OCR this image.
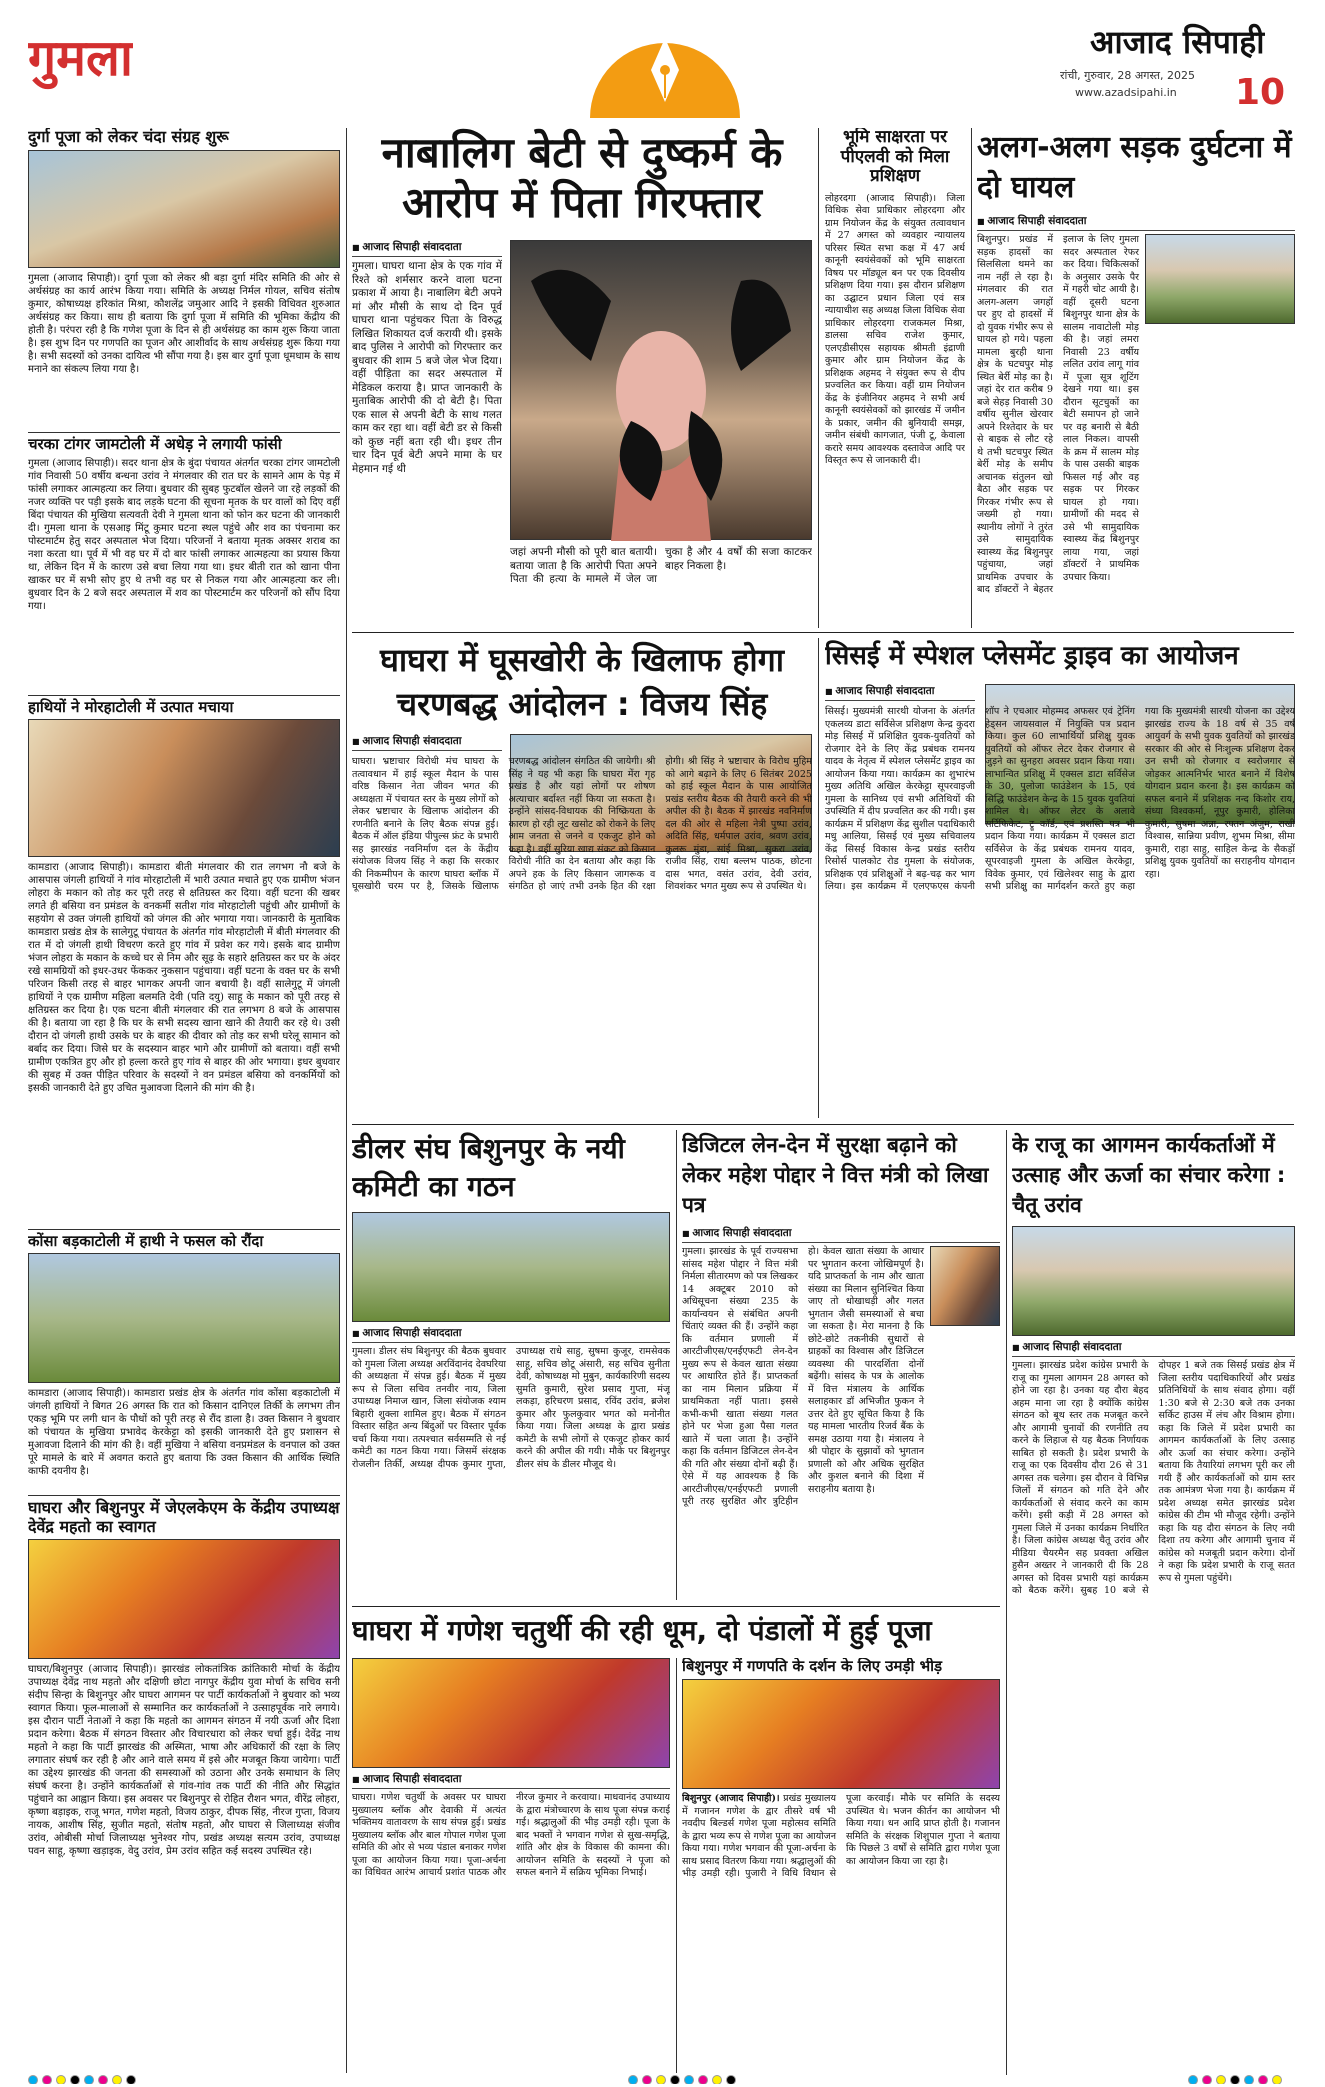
गुमला	आजाद सिपाही
रांची, गुरुवार, 28 अगस्त, 2025
www.azadsipahi.in 10
दुर्गा पूजा को लेकर चंदा संग्रह शुरू
गुमला (आजाद सिपाही)। दुर्गा पूजा को लेकर श्री बड़ा दुर्गा मंदिर समिति की ओर से अर्थसंग्रह का कार्य आरंभ किया गया। समिति के अध्यक्ष निर्मल गोयल, सचिव संतोष कुमार, कोषाध्यक्ष हरिकांत मिश्रा, कौशलेंद्र जमुआर आदि ने इसकी विधिवत शुरुआत अर्थसंग्रह कर किया। साथ ही बताया कि दुर्गा पूजा में समिति की भूमिका केंद्रीय की होती है। परंपरा रही है कि गणेश पूजा के दिन से ही अर्थसंग्रह का काम शुरू किया जाता है। इस शुभ दिन पर गणपति का पूजन और आशीर्वाद के साथ अर्थसंग्रह शुरू किया गया है। सभी सदस्यों को उनका दायित्व भी सौंपा गया है। इस बार दुर्गा पूजा धूमधाम के साथ मनाने का संकल्प लिया गया है।
चरका टांगर जामटोली में अधेड़ ने लगायी फांसी
गुमला (आजाद सिपाही)। सदर थाना क्षेत्र के बुंदा पंचायत अंतर्गत चरका टांगर जामटोली गांव निवासी 50 वर्षीय बन्धना उरांव ने मंगलवार की रात घर के सामने आम के पेड़ में फांसी लगाकर आत्महत्या कर लिया। बुधवार की सुबह फुटबॉल खेलने जा रहे लड़कों की नजर व्यक्ति पर पड़ी इसके बाद लड़के घटना की सूचना मृतक के घर वालों को दिए वहीं बिंदा पंचायत की मुखिया सत्यवती देवी ने गुमला थाना को फोन कर घटना की जानकारी दी। गुमला थाना के एसआइ मिंटू कुमार घटना स्थल पहुंचे और शव का पंचनामा कर पोस्टमार्टम हेतु सदर अस्पताल भेज दिया। परिजनों ने बताया मृतक अक्सर शराब का नशा करता था। पूर्व में भी वह घर में दो बार फांसी लगाकर आत्महत्या का प्रयास किया था, लेकिन दिन में के कारण उसे बचा लिया गया था। इधर बीती रात को खाना पीना खाकर घर में सभी सोए हुए थे तभी वह घर से निकल गया और आत्महत्या कर ली। बुधवार दिन के 2 बजे सदर अस्पताल में शव का पोस्टमार्टम कर परिजनों को सौंप दिया गया।
हाथियों ने मोरहाटोली में उत्पात मचाया
कामडारा (आजाद सिपाही)। कामडारा बीती मंगलवार की रात लगभग नौ बजे के आसपास जंगली हाथियों ने गांव मोरहाटोली में भारी उत्पात मचाते हुए एक ग्रामीण भंजन लोहरा के मकान को तोड़ कर पूरी तरह से क्षतिग्रस्त कर दिया। वहीं घटना की खबर लगते ही बसिया वन प्रमंडल के वनकर्मी सतीश गांव मोरहाटोली पहुंची और ग्रामीणों के सहयोग से उक्त जंगली हाथियों को जंगल की ओर भगाया गया। जानकारी के मुताबिक कामडारा प्रखंड क्षेत्र के सालेगुटू पंचायत के अंतर्गत गांव मोरहाटोली में बीती मंगलवार की रात में दो जंगली हाथी विचरण करते हुए गांव में प्रवेश कर गये। इसके बाद ग्रामीण भंजन लोहरा के मकान के कच्चे घर से निम और सूढ़ के सहारे क्षतिग्रस्त कर घर के अंदर रखे सामग्रियों को इधर-उधर फेंककर नुकसान पहुंचाया। वहीं घटना के वक्त घर के सभी परिजन किसी तरह से बाहर भागकर अपनी जान बचायी है। वहीं सालेगुटू में जंगली हाथियों ने एक ग्रामीण महिला बलमति देवी (पति दयु) साहू के मकान को पूरी तरह से क्षतिग्रस्त कर दिया है। एक घटना बीती मंगलवार की रात लगभग 8 बजे के आसपास की है। बताया जा रहा है कि घर के सभी सदस्य खाना खाने की तैयारी कर रहे थे। उसी दौरान दो जंगली हाथी उसके घर के बाहर की दीवार को तोड़ कर सभी घरेलू सामान को बर्बाद कर दिया। जिसे घर के सदस्यान बाहर भागे और ग्रामीणों को बताया। वहीं सभी ग्रामीण एकत्रित हुए और हो हल्ला करते हुए गांव से बाहर की ओर भगाया। इधर बुधवार की सुबह में उक्त पीड़ित परिवार के सदस्यों ने वन प्रमंडल बसिया को वनकर्मियों को इसकी जानकारी देते हुए उचित मुआवजा दिलाने की मांग की है।
कोंसा बड़काटोली में हाथी ने फसल को रौंदा
कामडारा (आजाद सिपाही)। कामडारा प्रखंड क्षेत्र के अंतर्गत गांव कोंसा बड़काटोली में जंगली हाथियों ने बिगत 26 अगस्त कि रात को किसान दानिएल तिर्की के लगभग तीन एकड़ भूमि पर लगी धान के पौधों को पूरी तरह से रौंद डाला है। उक्त किसान ने बुधवार को पंचायत के मुखिया प्रभावेद केरकेट्टा को इसकी जानकारी देते हुए प्रशासन से मुआवजा दिलाने की मांग की है। वहीं मुखिया ने बसिया वनप्रमंडल के वनपाल को उक्त पूरे मामले के बारे में अवगत कराते हुए बताया कि उक्त किसान की आर्थिक स्थिति काफी दयनीय है।
घाघरा और बिशुनपुर में जेएलकेएम के केंद्रीय उपाध्यक्ष देवेंद्र महतो का स्वागत
घाघरा/बिशुनपुर (आजाद सिपाही)। झारखंड लोकतांत्रिक क्रांतिकारी मोर्चा के केंद्रीय उपाध्यक्ष देवेंद्र नाथ महतो और दक्षिणी छोटा नागपुर केंद्रीय युवा मोर्चा के सचिव सनी संदीप सिन्हा के बिशुनपुर और घाघरा आगमन पर पार्टी कार्यकर्ताओं ने बुधवार को भव्य स्वागत किया। फूल-मालाओं से सम्मानित कर कार्यकर्ताओं ने उत्साहपूर्वक नारे लगाये। इस दौरान पार्टी नेताओं ने कहा कि महतो का आगमन संगठन में नयी ऊर्जा और दिशा प्रदान करेगा। बैठक में संगठन विस्तार और विचारधारा को लेकर चर्चा हुई। देवेंद्र नाथ महतो ने कहा कि पार्टी झारखंड की अस्मिता, भाषा और अधिकारों की रक्षा के लिए लगातार संघर्ष कर रही है और आने वाले समय में इसे और मजबूत किया जायेगा। पार्टी का उद्देश्य झारखंड की जनता की समस्याओं को उठाना और उनके समाधान के लिए संघर्ष करना है। उन्होंने कार्यकर्ताओं से गांव-गांव तक पार्टी की नीति और सिद्धांत पहुंचाने का आह्वान किया। इस अवसर पर बिशुनपुर से रोहित रौशन भगत, वीरेंद्र लोहरा, कृष्णा बड़ाइक, राजू भगत, गणेश महतो, विजय ठाकुर, दीपक सिंह, नीरज गुप्ता, विजय नायक, आशीष सिंह, सुजीत महतो, संतोष महतो, और घाघरा से जिलाध्यक्ष संजीव उरांव, ओबीसी मोर्चा जिलाध्यक्ष भुनेश्वर गोप, प्रखंड अध्यक्ष सत्यम उरांव, उपाध्यक्ष पवन साहू, कृष्णा खड़ाइक, वेदु उरांव, प्रेम उरांव सहित कई सदस्य उपस्थित रहे।
नाबालिग बेटी से दुष्कर्म के आरोप में पिता गिरफ्तार
■ आजाद सिपाही संवाददाता
गुमला। घाघरा थाना क्षेत्र के एक गांव में रिश्ते को शर्मसार करने वाला घटना प्रकाश में आया है। नाबालिग बेटी अपने मां और मौसी के साथ दो दिन पूर्व घाघरा थाना पहुंचकर पिता के विरुद्ध लिखित शिकायत दर्ज करायी थी। इसके बाद पुलिस ने आरोपी को गिरफ्तार कर बुधवार की शाम 5 बजे जेल भेज दिया। वहीं पीड़िता का सदर अस्पताल में मेडिकल कराया है। प्राप्त जानकारी के मुताबिक आरोपी की दो बेटी है। पिता एक साल से अपनी बेटी के साथ गलत काम कर रहा था। वहीं बेटी डर से किसी को कुछ नहीं बता रही थी। इधर तीन चार दिन पूर्व बेटी अपने मामा के घर मेहमान गई थी
जहां अपनी मौसी को पूरी बात बतायी। बताया जाता है कि आरोपी पिता अपने पिता की हत्या के मामले में जेल जा चुका है और 4 वर्षों की सजा काटकर बाहर निकला है।
भूमि साक्षरता पर पीएलवी को मिला प्रशिक्षण
लोहरदगा (आजाद सिपाही)। जिला विधिक सेवा प्राधिकार लोहरदगा और ग्राम नियोजन केंद्र के संयुक्त तत्वावधान में 27 अगस्त को व्यवहार न्यायालय परिसर स्थित सभा कक्ष में 47 अर्ध कानूनी स्वयंसेवकों को भूमि साक्षरता विषय पर मॉड्यूल बन पर एक दिवसीय प्रशिक्षण दिया गया। इस दौरान प्रशिक्षण का उद्घाटन प्रधान जिला एवं सत्र न्यायाधीश सह अध्यक्ष जिला विधिक सेवा प्राधिकार लोहरदगा राजकमल मिश्रा, डालसा सचिव राजेश कुमार, एलएडीसीएस सहायक श्रीमती इंद्राणी कुमार और ग्राम नियोजन केंद्र के प्रशिक्षक अहमद ने संयुक्त रूप से दीप प्रज्वलित कर किया। वहीं ग्राम नियोजन केंद्र के इंजीनियर अहमद ने सभी अर्ध कानूनी स्वयंसेवकों को झारखंड में जमीन के प्रकार, जमीन की बुनियादी समझ, जमीन संबंधी कागजात, पंजी टू, केवाला करारे समय आवश्यक दस्तावेज आदि पर विस्तृत रूप से जानकारी दी।
अलग-अलग सड़क दुर्घटना में दो घायल
■ आजाद सिपाही संवाददाता
बिशुनपुर। प्रखंड में सड़क हादसों का सिलसिला थमने का नाम नहीं ले रहा है। मंगलवार की रात अलग-अलग जगहों पर हुए दो हादसों में दो युवक गंभीर रूप से घायल हो गये। पहला मामला बुरही थाना क्षेत्र के घटचपुर मोड़ स्थित बेर्री मोड़ का है। जहां देर रात करीब 9 बजे सेहड़ निवासी 30 वर्षीय सुनील खेरवार अपने रिश्तेदार के घर से बाइक से लौट रहे थे तभी घटचपुर स्थित बेर्री मोड़ के समीप अचानक संतुलन खो बैठा और सड़क पर गिरकर गंभीर रूप से जख्मी हो गया। स्थानीय लोगों ने तुरंत उसे सामुदायिक स्वास्थ्य केंद्र बिशुनपुर पहुंचाया, जहां प्राथमिक उपचार के बाद डॉक्टरों ने बेहतर इलाज के लिए गुमला सदर अस्पताल रेफर कर दिया। चिकित्सकों के अनुसार उसके पैर में गहरी चोट आयी है। वहीं दूसरी घटना बिशुनपुर थाना क्षेत्र के सालम नावाटोली मोड़ की है। जहां लमरा निवासी 23 वर्षीय ललित उरांव लागू गांव में पूजा सूत्र शूटिंग देखने गया था। इस दौरान सूटचुकों का बेटी समापन हो जाने पर वह बनारी से बैठी लाल निकल। वापसी के क्रम में सालम मोड़ के पास उसकी बाइक फिसल गई और वह सड़क पर गिरकर घायल हो गया। ग्रामीणों की मदद से उसे भी सामुदायिक स्वास्थ्य केंद्र बिशुनपुर लाया गया, जहां डॉक्टरों ने प्राथमिक उपचार किया।
घाघरा में घूसखोरी के खिलाफ होगा चरणबद्ध आंदोलन : विजय सिंह
■ आजाद सिपाही संवाददाता
घाघरा। भ्रष्टाचार विरोधी मंच घाघरा के तत्वावधान में हाई स्कूल मैदान के पास वरिष्ठ किसान नेता जीवन भगत की अध्यक्षता में पंचायत स्तर के मुख्य लोगों को लेकर भ्रष्टाचार के खिलाफ आंदोलन की रणनीति बनाने के लिए बैठक संपन्न हुई। बैठक में ऑल इंडिया पीपुल्स फ्रंट के प्रभारी सह झारखंड नवनिर्माण दल के केंद्रीय संयोजक विजय सिंह ने कहा कि सरकार की निकम्मीपन के कारण घाघरा ब्लॉक में घूसखोरी चरम पर है, जिसके खिलाफ चरणबद्ध आंदोलन संगठित की जायेगी। श्री सिंह ने यह भी कहा कि घाघरा मेंरा गृह प्रखंड है और यहां लोगों पर शोषण अत्याचार बर्दाश्त नहीं किया जा सकता है। उन्होंने सांसद-विधायक की निष्क्रियता के कारण हो रही लूट खसोट को रोकने के लिए आम जनता से जनने व एकजुट होने को कहा है। वहीं सुरिया खाद्य संकट को किसान विरोधी नीति का देन बताया और कहा कि अपने हक के लिए किसान जागरूक व संगठित हो जाएं तभी उनके हित की रक्षा होगी। श्री सिंह ने भ्रष्टाचार के विरोध मुहिम को आगे बढ़ाने के लिए 6 सितंबर 2025 को हाई स्कूल मैदान के पास आयोजित प्रखंड स्तरीय बैठक की तैयारी करने की भी अपील की है। बैठक में झारखंड नवनिर्माण दल की ओर से महिला नेत्री पुष्पा उरांव, अदिति सिंह, धर्मपाल उरांव, श्रवण उरांव, कुलरू मुंडा, सांई मिश्रा, सुकरा उरांव, राजीव सिंह, राधा बल्लभ पाठक, छोटना दास भगत, वसंत उरांव, देवी उरांव, शिवशंकर भगत मुख्य रूप से उपस्थित थे।
सिसई में स्पेशल प्लेसमेंट ड्राइव का आयोजन
■ आजाद सिपाही संवाददाता
सिसई। मुख्यमंत्री सारथी योजना के अंतर्गत एकलव्य डाटा सर्विसेज प्रशिक्षण केन्द्र कुदरा मोड़ सिसई में प्रशिक्षित युवक-युवतियों को रोजगार देने के लिए केंद्र प्रबंधक रामनय यादव के नेतृत्व में स्पेशल प्लेसमेंट ड्राइव का आयोजन किया गया। कार्यक्रम का शुभारंभ मुख्य अतिथि अखिल केरकेट्टा सूपरवाइजी गुमला के सानिध्य एवं सभी अतिथियों की उपस्थिति में दीप प्रज्वलित कर की गयी। इस कार्यक्रम में प्रशिक्षण केंद्र सुशील पदाधिकारी मधु आलिया, सिसई एवं मुख्य सचिवालय केंद्र सिसई विकास केन्द्र प्रखंड स्तरीय रिसोर्स पालकोट रोड गुमला के संयोजक, प्रशिक्षक एवं प्रशिक्षुओं ने बढ़-चढ़ कर भाग लिया। इस कार्यक्रम में एलएफएस कंपनी शॉप ने एचआर मोहम्मद अफसर एवं ट्रेनिंग हेड्सन जायसवाल में नियुक्ति पत्र प्रदान किया। कुल 60 लाभार्थियों प्रशिक्षु युवक युवतियों को ऑफर लेटर देकर रोजगार से जुड़ने का सुनहरा अवसर प्रदान किया गया। लाभान्वित प्रशिक्षु में एक्सल डाटा सर्विसेज के 30, पुलोजा फाउंडेशन के 15, एवं सिद्धि फाउंडेशन केन्द्र के 15 युवक युवतियां शामिल थे। ऑफर लेटर के अलावे सर्टिफिकेट, ट्रू काॅर्ड, एवं प्रशस्ति पत्र भी प्रदान किया गया। कार्यक्रम में एक्सल डाटा सर्विसेज के केंद्र प्रबंधक रामनय यादव, सूपरवाइजी गुमला के अखिल केरकेट्टा, विवेक कुमार, एवं खिलेश्वर साहु के द्वारा सभी प्रशिक्षु का मार्गदर्शन करते हुए कहा गया कि मुख्यमंत्री सारथी योजना का उद्देश्य झारखंड राज्य के 18 वर्ष से 35 वर्ष आयुवर्ग के सभी युवक युवतियों को झारखंड सरकार की ओर से निःशुल्क प्रशिक्षण देकर उन सभी को रोजगार व स्वरोजगार से जोड़कर आत्मनिर्भर भारत बनाने में विशेष योगदान प्रदान करना है। इस कार्यक्रम को सफल बनाने में प्रशिक्षक नन्द किशोर राय, संध्या विश्वकर्मा, नूपुर कुमारी, होलिका कुमारी, सुषमा अन्ना, रफ्तन अंजुम, राखी विश्वास, सान्निया प्रवीण, शुभम मिश्रा, सीमा कुमारी, राहा साहु, साहिल केन्द्र के सैकड़ों प्रशिक्षु युवक युवतियों का सराहनीय योगदान रहा।
डीलर संघ बिशुनपुर के नयी कमिटी का गठन
■ आजाद सिपाही संवाददाता
गुमला। डीलर संघ बिशुनपुर की बैठक बुधवार को गुमला जिला अध्यक्ष अरविंदानंद देवघरिया की अध्यक्षता में संपन्न हुई। बैठक में मुख्य रूप से जिला सचिव तनवीर नाय, जिला उपाध्यक्ष निमाज खान, जिला संयोजक श्याम बिहारी शुक्ला शामिल हुए। बैठक में संगठन विस्तार सहित अन्य बिंदुओं पर विस्तार पूर्वक चर्चा किया गया। तत्पश्चात सर्वसम्मति से नई कमेटी का गठन किया गया। जिसमें संरक्षक रोजलीन तिर्की, अध्यक्ष दीपक कुमार गुप्ता, उपाध्यक्ष राधे साहु, सुषमा कुजूर, रामसेवक साहू, सचिव छोटू अंसारी, सह सचिव सुनीता देवी, कोषाध्यक्ष मो मुबुन, कार्यकारिणी सदस्य सुमति कुमारी, सुरेश प्रसाद गुप्ता, मंजू लकड़ा, हरिचरण प्रसाद, रविंद उरांव, ब्रजेश कुमार और फुलकुवार भगत को मनोनीत किया गया। जिला अध्यक्ष के द्वारा प्रखंड कमेटी के सभी लोगों से एकजुट होकर कार्य करने की अपील की गयी। मौके पर बिशुनपुर डीलर संघ के डीलर मौजूद थे।
डिजिटल लेन-देन में सुरक्षा बढ़ाने को लेकर महेश पोद्दार ने वित्त मंत्री को लिखा पत्र
■ आजाद सिपाही संवाददाता
गुमला। झारखंड के पूर्व राज्यसभा सांसद महेश पोद्दार ने वित्त मंत्री निर्मला सीतारमण को पत्र लिखकर 14 अक्टूबर 2010 को अधिसूचना संख्या 235 के कार्यान्वयन से संबंधित अपनी चिंताएं व्यक्त की हैं। उन्होंने कहा कि वर्तमान प्रणाली में आरटीजीएस/एनईएफटी लेन-देन मुख्य रूप से केवल खाता संख्या पर आधारित होते हैं। प्राप्तकर्ता का नाम मिलान प्रक्रिया में प्राथमिकता नहीं पाता। इससे कभी-कभी खाता संख्या गलत होने पर भेजा हुआ पैसा गलत खाते में चला जाता है। उन्होंने कहा कि वर्तमान डिजिटल लेन-देन की गति और संख्या दोनों बढ़ी हैं। ऐसे में यह आवश्यक है कि आरटीजीएस/एनईएफटी प्रणाली पूरी तरह सुरक्षित और त्रुटिहीन हो। केवल खाता संख्या के आधार पर भुगतान करना जोखिमपूर्ण है। यदि प्राप्तकर्ता के नाम और खाता संख्या का मिलान सुनिश्चित किया जाए तो धोखाधड़ी और गलत भुगतान जैसी समस्याओं से बचा जा सकता है। मेरा मानना है कि छोटे-छोटे तकनीकी सुधारों से ग्राहकों का विश्वास और डिजिटल व्यवस्था की पारदर्शिता दोनों बढ़ेंगी। सांसद के पत्र के आलोक में वित्त मंत्रालय के आर्थिक सलाहकार डॉ अभिजीत फुकन ने उत्तर देते हुए सूचित किया है कि यह मामला भारतीय रिजर्व बैंक के समक्ष उठाया गया है। मंत्रालय ने श्री पोद्दार के सुझावों को भुगतान प्रणाली को और अधिक सुरक्षित और कुशल बनाने की दिशा में सराहनीय बताया है।
के राजू का आगमन कार्यकर्ताओं में उत्साह और ऊर्जा का संचार करेगा : चैतू उरांव
■ आजाद सिपाही संवाददाता
गुमला। झारखंड प्रदेश कांग्रेस प्रभारी के राजू का गुमला आगमन 28 अगस्त को होने जा रहा है। उनका यह दौरा बेहद अहम माना जा रहा है क्योंकि कांग्रेस संगठन को बूथ स्तर तक मजबूत करने और आगामी चुनावों की रणनीति तय करने के लिहाज से यह बैठक निर्णायक साबित हो सकती है। प्रदेश प्रभारी के राजू का एक दिवसीय दौरा 26 से 31 अगस्त तक चलेगा। इस दौरान वे विभिन्न जिलों में संगठन को गति देने और कार्यकर्ताओं से संवाद करने का काम करेंगे। इसी कड़ी में 28 अगस्त को गुमला जिले में उनका कार्यक्रम निर्धारित है। जिला कांग्रेस अध्यक्ष चैतू उरांव और मीडिया चैयरमैन सह प्रवक्ता अखिल हुसैन अख्तर ने जानकारी दी कि 28 अगस्त को दिवस प्रभारी यहां कार्यक्रम को बैठक करेंगे। सुबह 10 बजे से दोपहर 1 बजे तक सिसई प्रखंड क्षेत्र में जिला स्तरीय पदाधिकारियों और प्रखंड प्रतिनिधियों के साथ संवाद होगा। वहीं 1:30 बजे से 2:30 बजे तक उनका सर्किट हाउस में लंच और विश्राम होगा। कहा कि जिले में प्रदेश प्रभारी का आगमन कार्यकर्ताओं के लिए उत्साह और ऊर्जा का संचार करेगा। उन्होंने बताया कि तैयारियां लगभग पूरी कर ली गयी हैं और कार्यकर्ताओं को ग्राम स्तर तक आमंत्रण भेजा गया है। कार्यक्रम में प्रदेश अध्यक्ष समेत झारखंड प्रदेश कांग्रेस की टीम भी मौजूद रहेगी। उन्होंने कहा कि यह दौरा संगठन के लिए नयी दिशा तय करेगा और आगामी चुनाव में कांग्रेस को मजबूती प्रदान करेगा। दोनों ने कहा कि प्रदेश प्रभारी के राजू सतत रूप से गुमला पहुंचेंगे।
घाघरा में गणेश चतुर्थी की रही धूम, दो पंडालों में हुई पूजा
■ आजाद सिपाही संवाददाता
घाघरा। गणेश चतुर्थी के अवसर पर घाघरा मुख्यालय ब्लॉक और देवाकी में अत्यंत भक्तिमय वातावरण के साथ संपन्न हुई। प्रखंड मुख्यालय ब्लॉक और बाल गोपाल गणेश पूजा समिति की ओर से भव्य पंडाल बनाकर गणेश पूजा का आयोजन किया गया। पूजा-अर्चना का विधिवत आरंभ आचार्य प्रशांत पाठक और नीरज कुमार ने करवाया। माधवानंद उपाध्याय के द्वारा मंत्रोच्चारण के साथ पूजा संपन्न कराई गई। श्रद्धालुओं की भीड़ उमड़ी रही। पूजा के बाद भक्तों ने भगवान गणेश से सुख-समृद्धि, शांति और क्षेत्र के विकास की कामना की। आयोजन समिति के सदस्यों ने पूजा को सफल बनाने में सक्रिय भूमिका निभाई।
बिशुनपुर में गणपति के दर्शन के लिए उमड़ी भीड़
बिशुनपुर (आजाद सिपाही)। प्रखंड मुख्यालय में गजानन गणेश के द्वार तीसरे वर्ष भी नवदीप बिल्डर्स गणेश पूजा महोत्सव समिति के द्वारा भव्य रूप से गणेश पूजा का आयोजन किया गया। गणेश भगवान की पूजा-अर्चना के साथ प्रसाद वितरण किया गया। श्रद्धालुओं की भीड़ उमड़ी रही। पुजारी ने विधि विधान से पूजा करवाई। मौके पर समिति के सदस्य उपस्थित थे। भजन कीर्तन का आयोजन भी किया गया। धन आदि प्राप्त होती है। गजानन समिति के संरक्षक शिशुपाल गुप्ता ने बताया कि पिछले 3 वर्षों से समिति द्वारा गणेश पूजा का आयोजन किया जा रहा है।
